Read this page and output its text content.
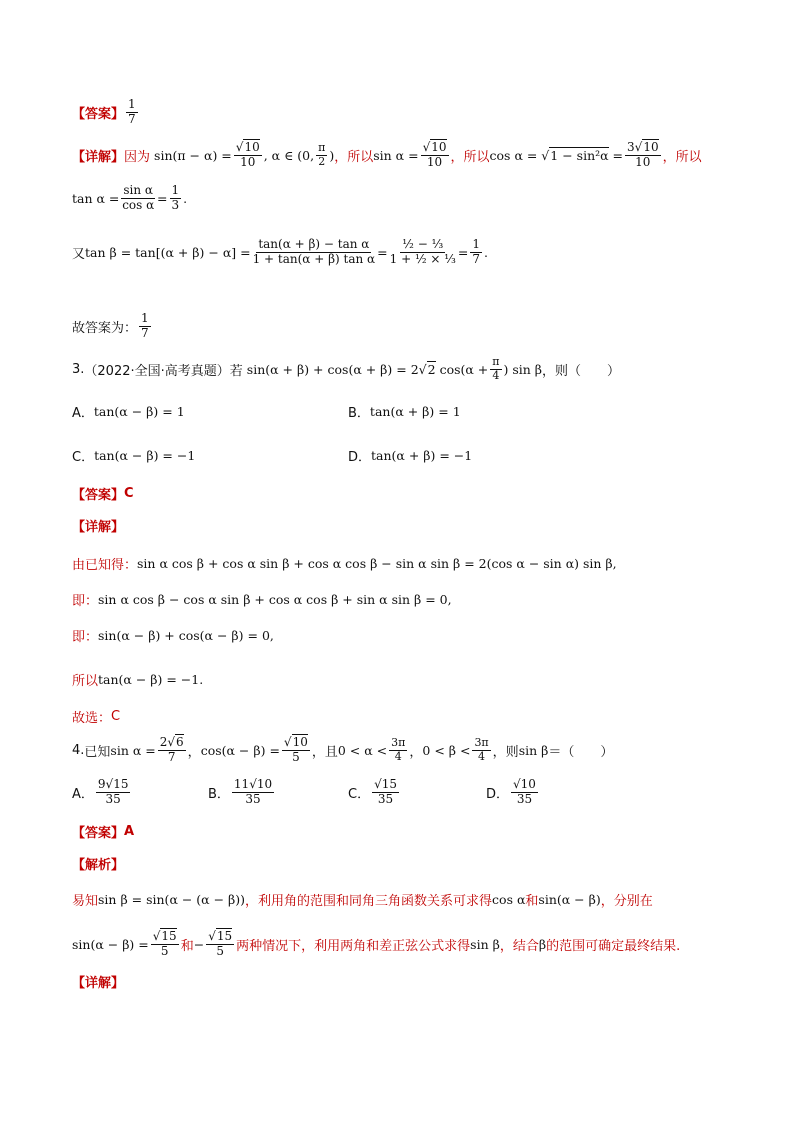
【答案】
1
7
【详解】 因为 $\sin(\pi - \alpha) = \frac{√10}{10}$ , α ∈ (0,
π
2 ) ，所以 $\sin \alpha = \frac{√10}{10}$ ，所以 $\cos \alpha = √1 - \sin^2\alpha = \frac{3√10}{10}$ ，所以
$\tan \alpha = \frac{\text{sin α}}{\text{cos α}} = \frac{1}{3}$ .
又 $\tan \beta = \tan[(\alpha + \beta) - \alpha] = \frac{\text{tan(α + β) − tan α}}{\text{1 + tan(α + β) tan α}}$ =
½ − ⅓
1 + ½ × ⅓ = $\frac{1}{7}$ .
故答案为：
1
7
3. （2022·全国·高考真题） 若 sin(α + β) + cos(α + β) = 2√2 $\cos(\alpha + \frac{\pi}{4}$ ) sin β ，则（　　）
A． tan(α − β) = 1	B． tan(α + β) = 1
C． tan(α − β) = −1	D． tan(α + β) = −1
【答案】 C
【详解】
由已知得： sin α cos β + cos α sin β + cos α cos β − sin α sin β = 2(cos α − sin α) sin β,
即： sin α cos β − cos α sin β + cos α cos β + sin α sin β = 0,
即： sin(α − β) + cos(α − β) = 0,
所以 tan(α − β) = −1.
故选： C
4. 已知 $\sin \alpha = \frac{2√6}{7}$ ， $\cos(\alpha - \beta) = \frac{√10}{5}$ ，且 0 < α <
3π
4 ， 0 < β <
3π
4 ，则 sin β ＝（　　）
A．
9√15
35	B．
11√10
35	C．
√15
35	D．
√10
35
【答案】 A
【解析】
易知 sin β = sin(α − (α − β)) ，利用角的范围和同角三角函数关系可求得 cos α 和 sin(α − β) ，分别在
$\sin(\alpha - \beta) = \frac{√15}{5}$ 和 − $\frac{√15}{5}$ 两种情况下，利用两角和差正弦公式求得 sin β ，结合 β 的范围可确定最终结果.
【详解】
